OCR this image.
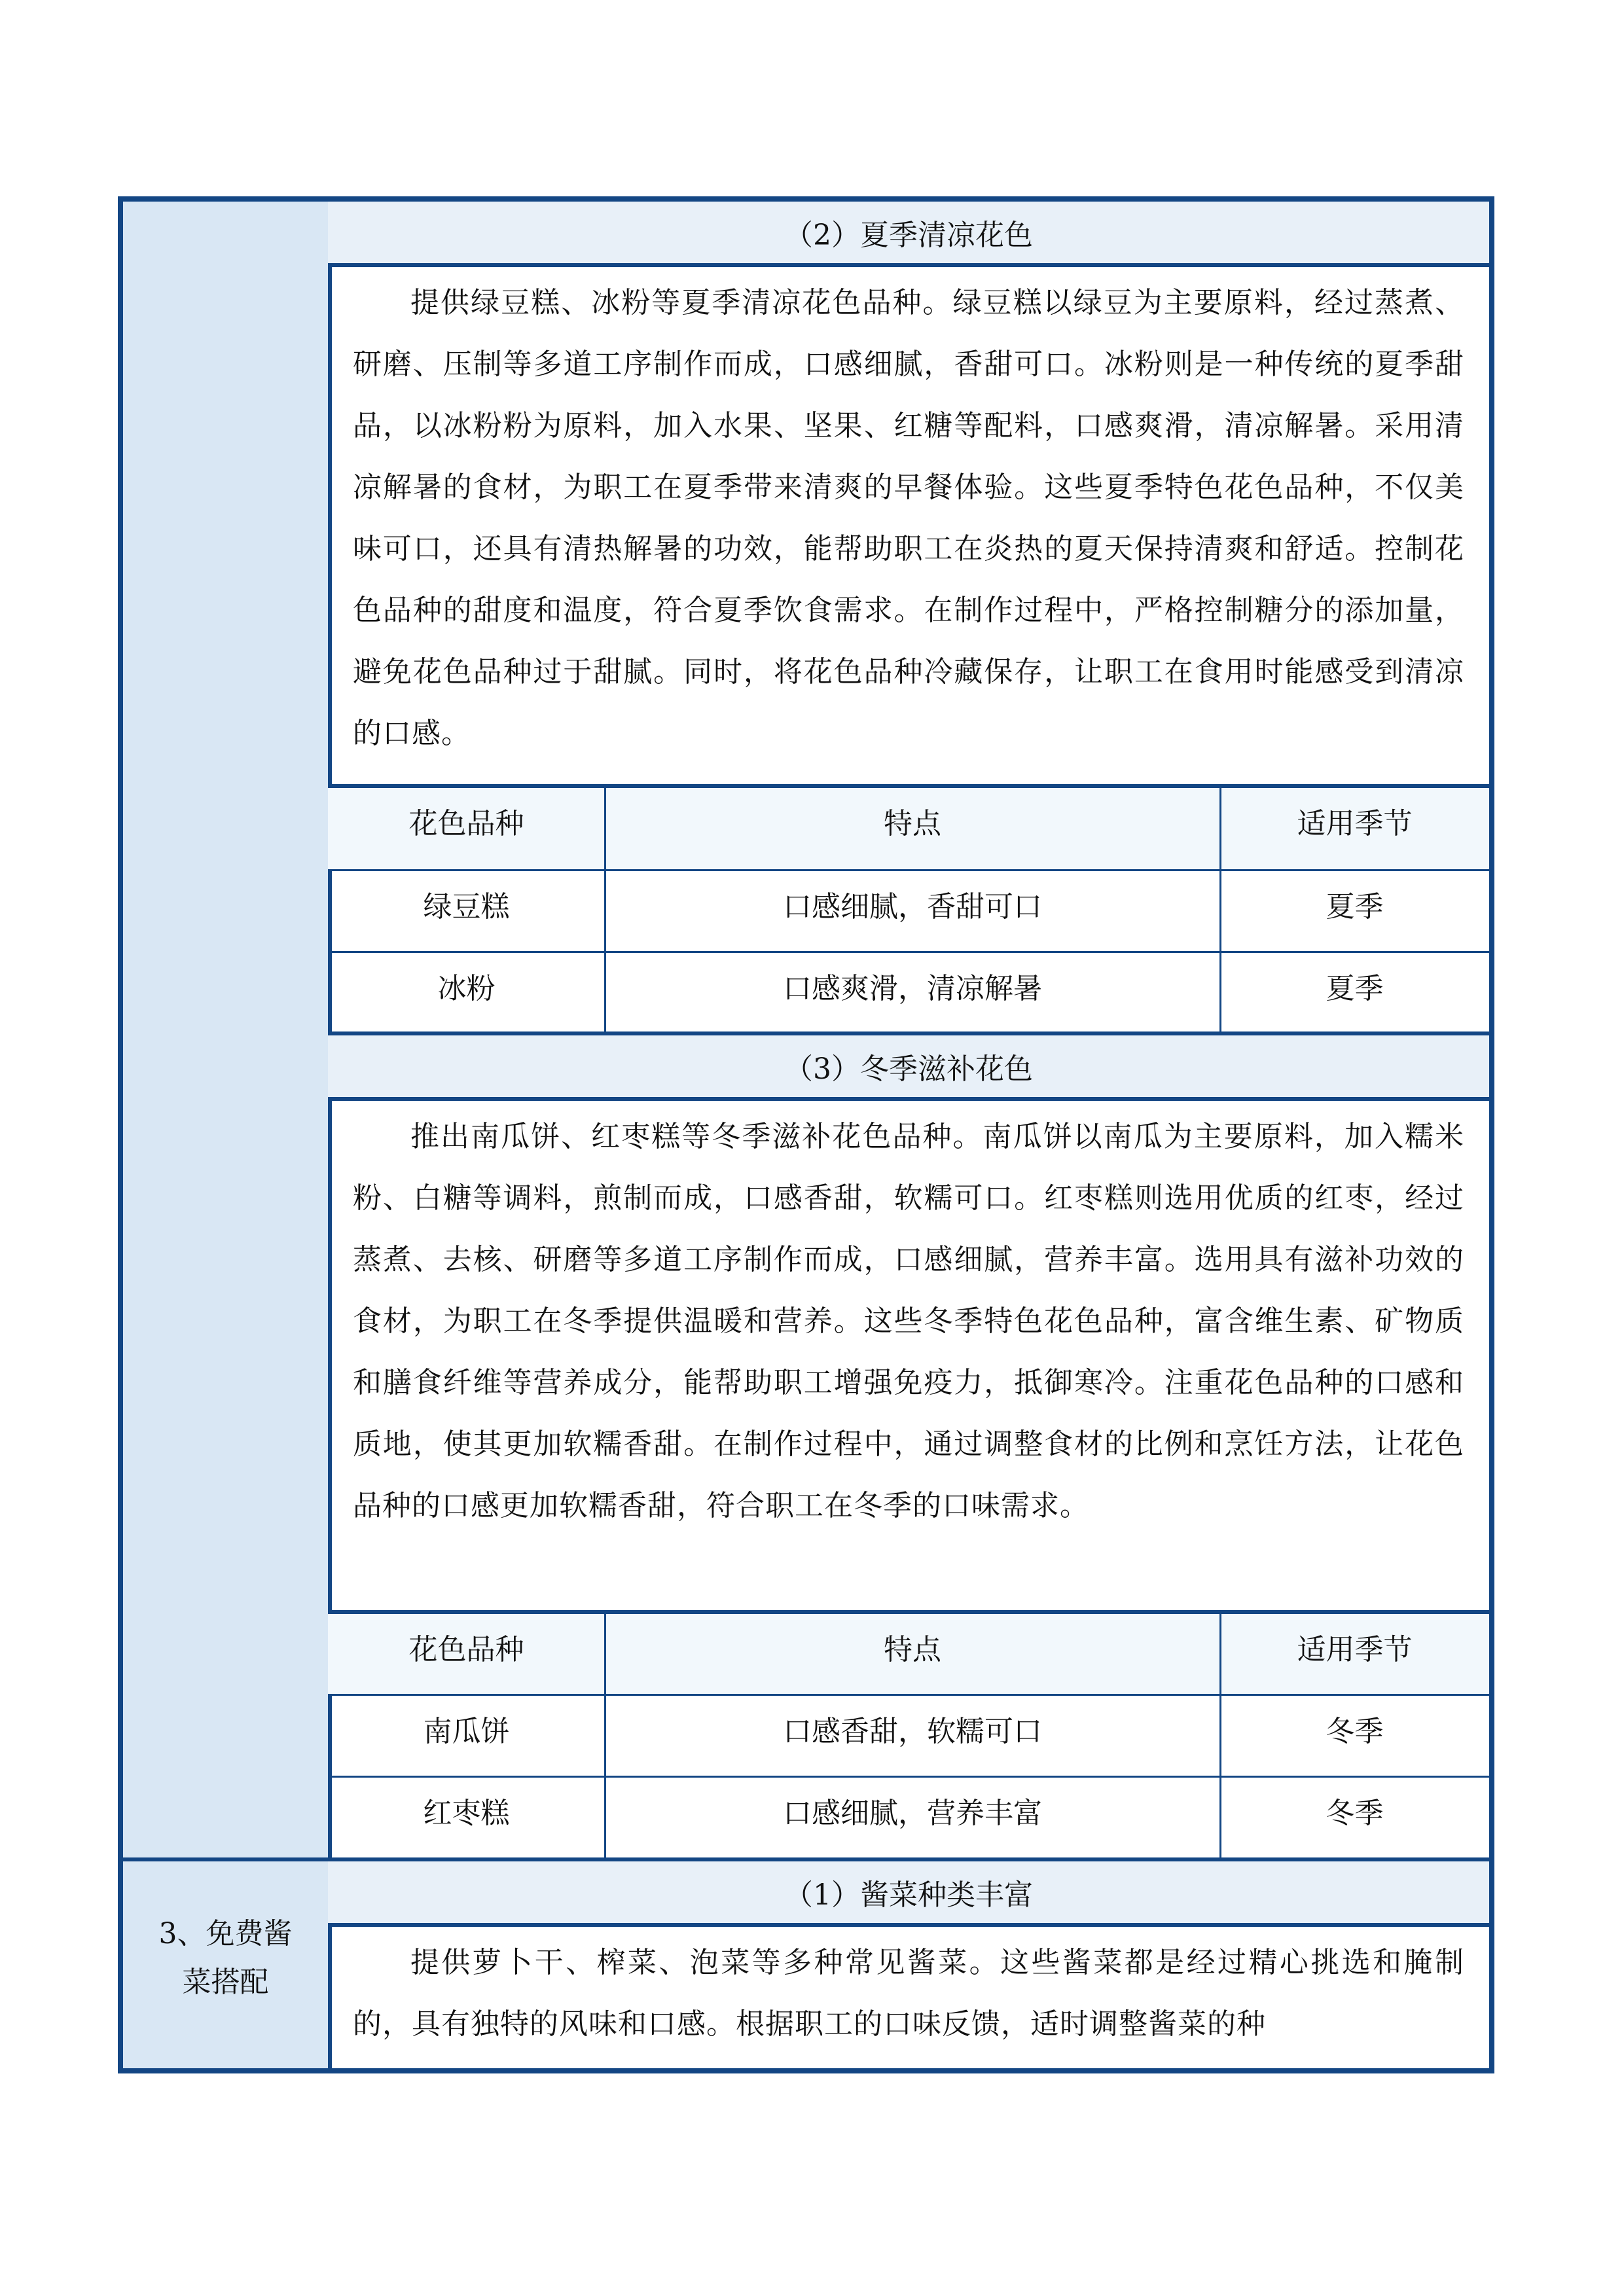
3、免费酱
菜搭配
（2）夏季清凉花色
提供绿豆糕、冰粉等夏季清凉花色品种。绿豆糕以绿豆为主要原料，经过蒸煮、研磨、压制等多道工序制作而成，口感细腻，香甜可口。冰粉则是一种传统的夏季甜品，以冰粉粉为原料，加入水果、坚果、红糖等配料，口感爽滑，清凉解暑。采用清凉解暑的食材，为职工在夏季带来清爽的早餐体验。这些夏季特色花色品种，不仅美味可口，还具有清热解暑的功效，能帮助职工在炎热的夏天保持清爽和舒适。控制花色品种的甜度和温度，符合夏季饮食需求。在制作过程中，严格控制糖分的添加量，避免花色品种过于甜腻。同时，将花色品种冷藏保存，让职工在食用时能感受到清凉的口感。
花色品种	特点	适用季节
绿豆糕	口感细腻，香甜可口	夏季
冰粉	口感爽滑，清凉解暑	夏季
（3）冬季滋补花色
推出南瓜饼、红枣糕等冬季滋补花色品种。南瓜饼以南瓜为主要原料，加入糯米粉、白糖等调料，煎制而成，口感香甜，软糯可口。红枣糕则选用优质的红枣，经过蒸煮、去核、研磨等多道工序制作而成，口感细腻，营养丰富。选用具有滋补功效的食材，为职工在冬季提供温暖和营养。这些冬季特色花色品种，富含维生素、矿物质和膳食纤维等营养成分，能帮助职工增强免疫力，抵御寒冷。注重花色品种的口感和质地，使其更加软糯香甜。在制作过程中，通过调整食材的比例和烹饪方法，让花色品种的口感更加软糯香甜，符合职工在冬季的口味需求。
花色品种	特点	适用季节
南瓜饼	口感香甜，软糯可口	冬季
红枣糕	口感细腻，营养丰富	冬季
（1）酱菜种类丰富
提供萝卜干、榨菜、泡菜等多种常见酱菜。这些酱菜都是经过精心挑选和腌制的，具有独特的风味和口感。根据职工的口味反馈，适时调整酱菜的种
